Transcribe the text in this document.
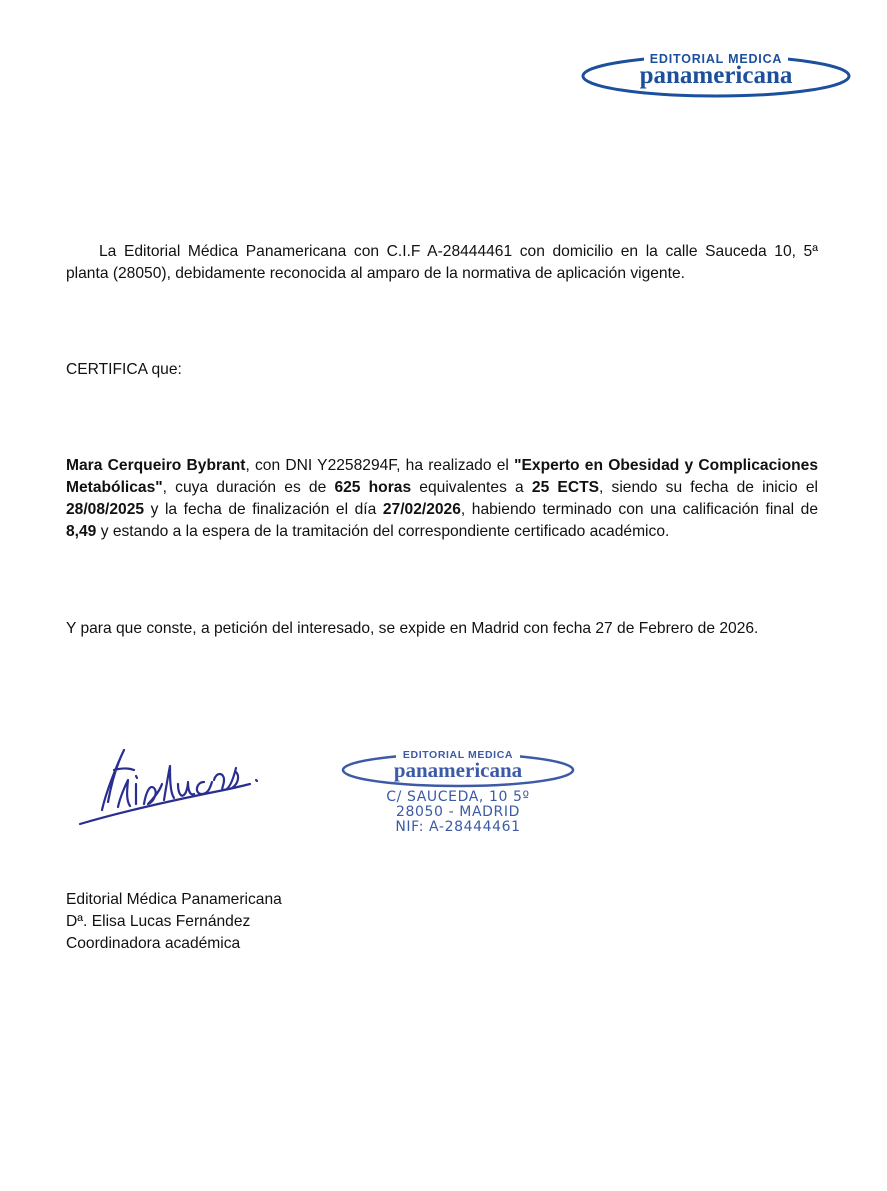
EDITORIAL MEDICA
panamericana

La Editorial Médica Panamericana con C.I.F A-28444461 con domicilio en la calle Sauceda 10, 5ª planta (28050), debidamente reconocida al amparo de la normativa de aplicación vigente.

CERTIFICA que:

Mara Cerqueiro Bybrant, con DNI Y2258294F, ha realizado el "Experto en Obesidad y Complicaciones Metabólicas", cuya duración es de 625 horas equivalentes a 25 ECTS, siendo su fecha de inicio el 28/08/2025 y la fecha de finalización el día 27/02/2026, habiendo terminado con una calificación final de 8,49 y estando a la espera de la tramitación del correspondiente certificado académico.

Y para que conste, a petición del interesado, se expide en Madrid con fecha 27 de Febrero de 2026.

EDITORIAL MEDICA
panamericana
C/ SAUCEDA, 10 5º
28050 - MADRID
NIF: A-28444461
Editorial Médica Panamericana
Dª. Elisa Lucas Fernández
Coordinadora académica
